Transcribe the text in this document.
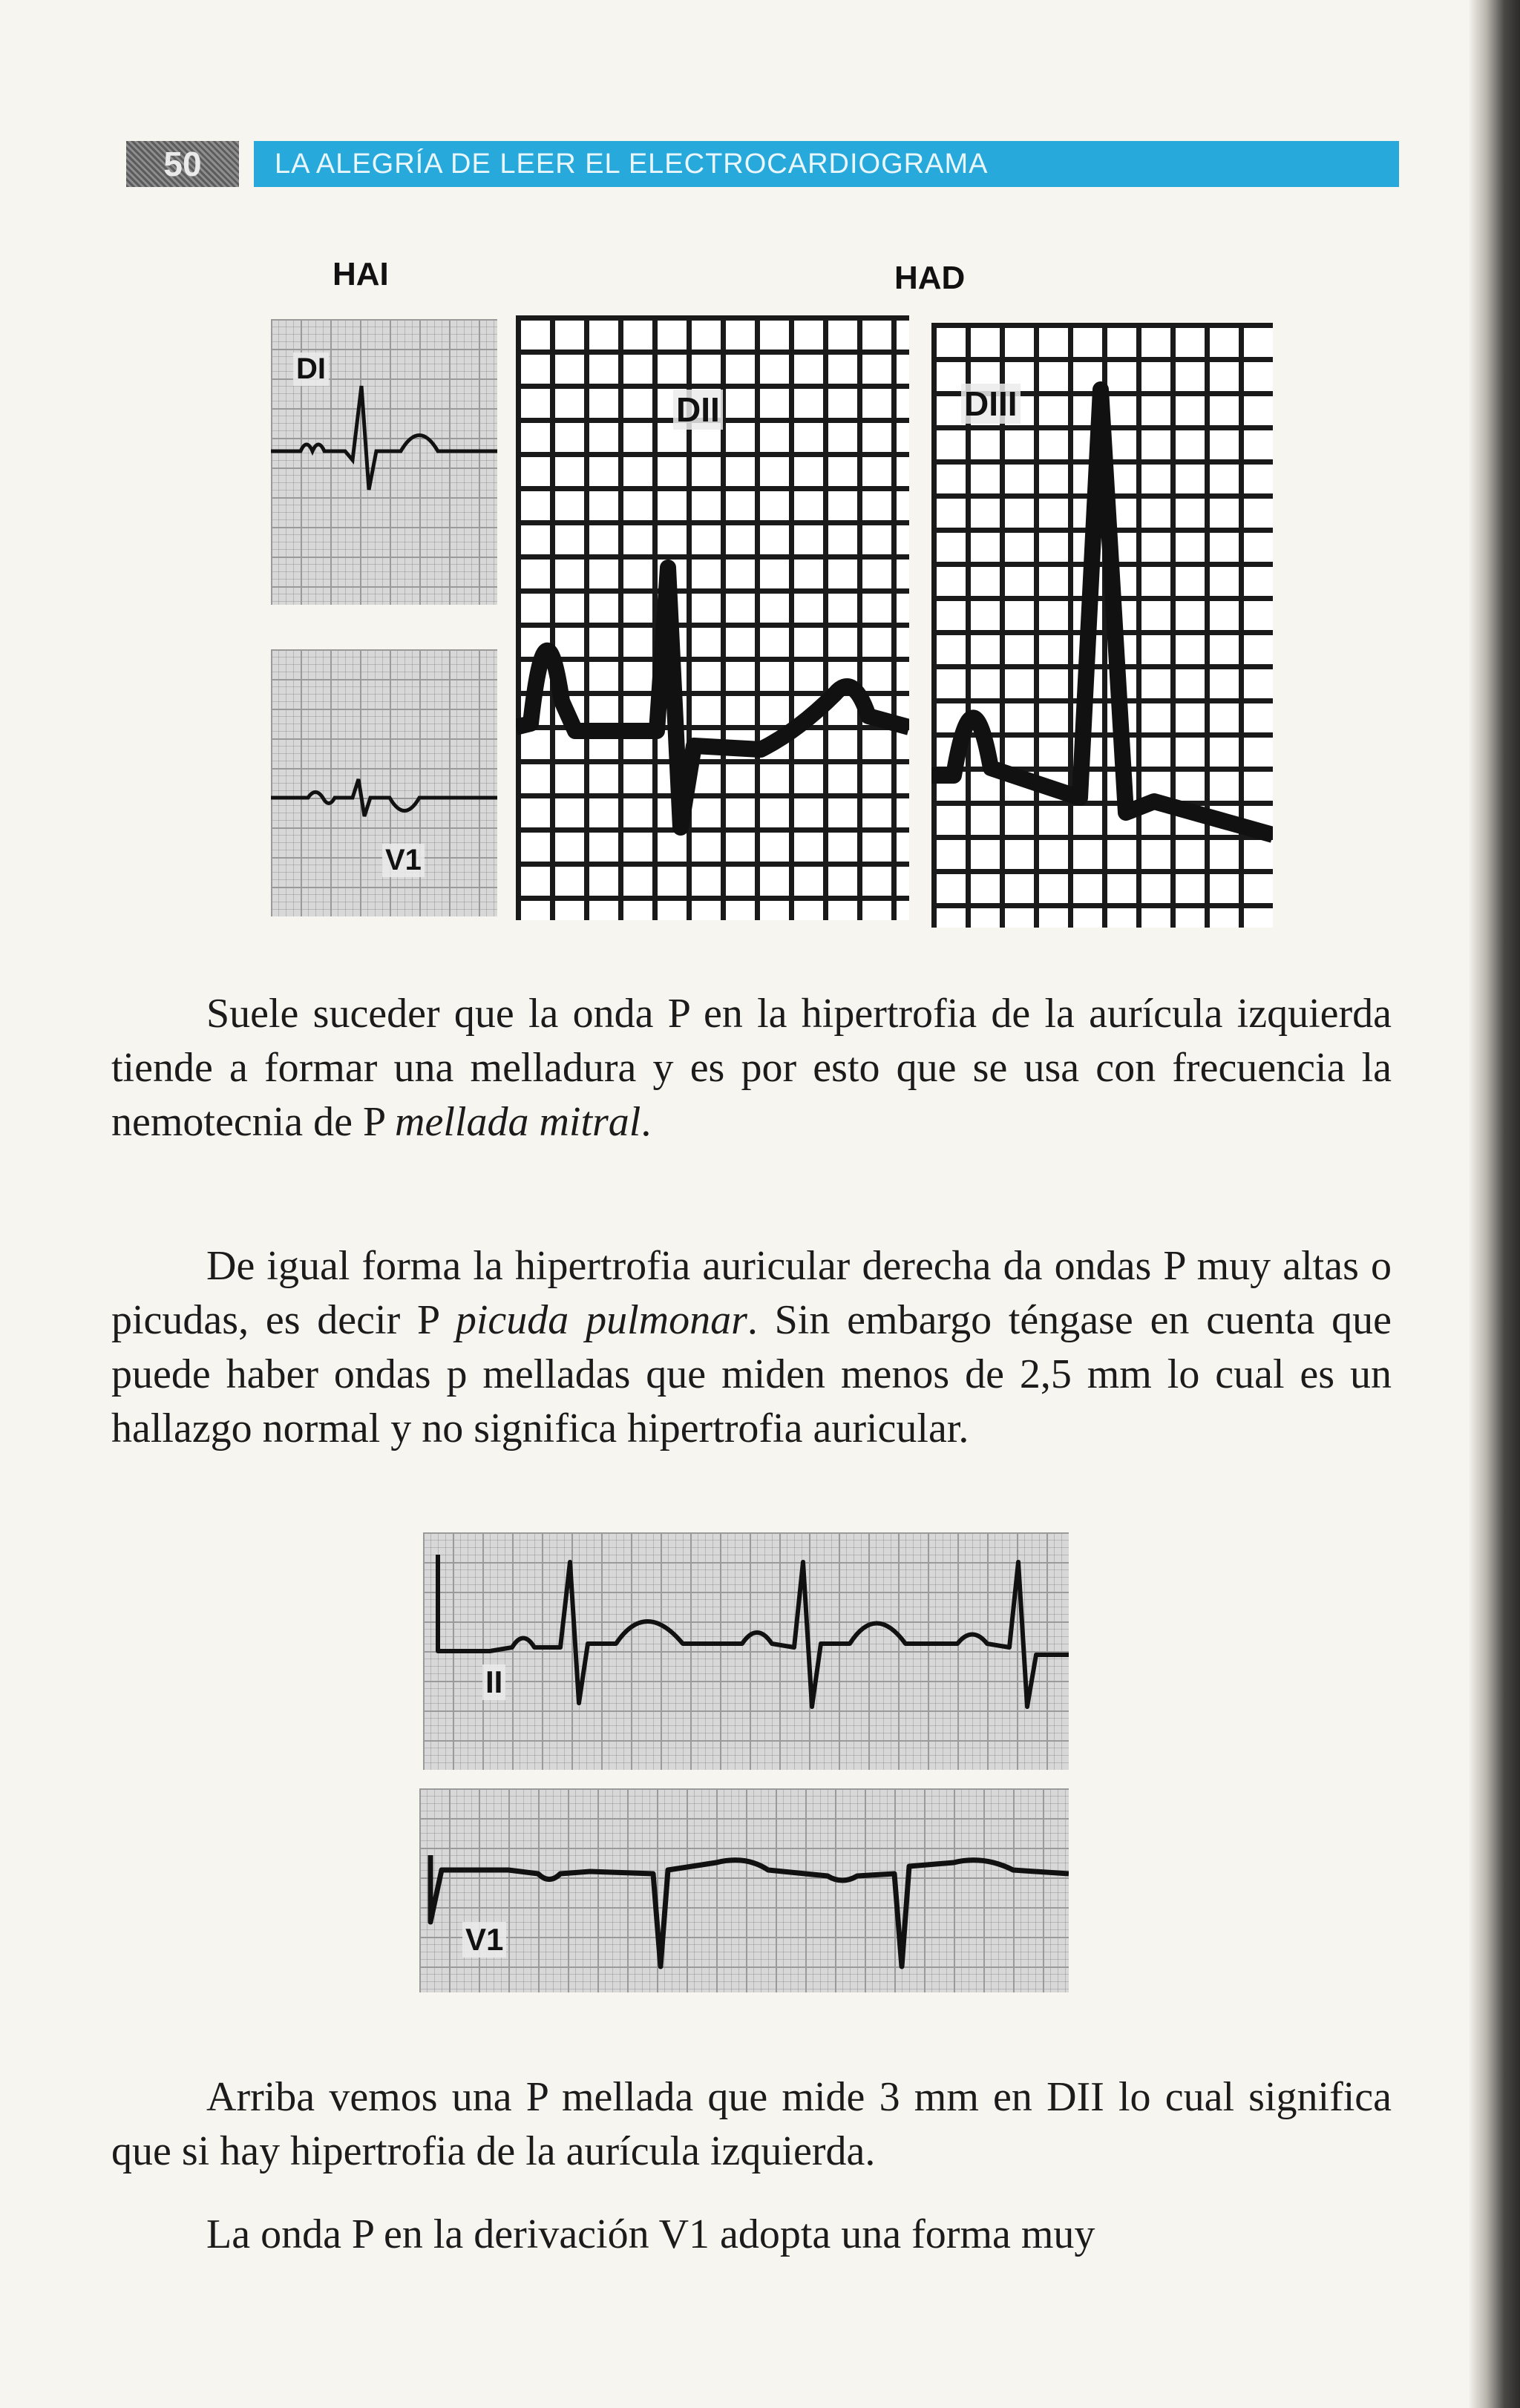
50	LA ALEGRÍA DE LEER EL ELECTROCARDIOGRAMA
HAI	HAD
DI
V1
DII	DIII

Suele suceder que la onda P en la hipertrofia de la aurícula izquierda tiende a formar una melladura y es por esto que se usa con frecuencia la nemotecnia de P mellada mitral.

De igual forma la hipertrofia auricular derecha da ondas P muy altas o picudas, es decir P picuda pulmonar. Sin embargo téngase en cuenta que puede haber ondas p melladas que miden menos de 2,5 mm lo cual es un hallazgo normal y no significa hipertrofia auricular.

II
V1

Arriba vemos una P mellada que mide 3 mm en DII lo cual significa que si hay hipertrofia de la aurícula izquierda.

La onda P en la derivación V1 adopta una forma muy
